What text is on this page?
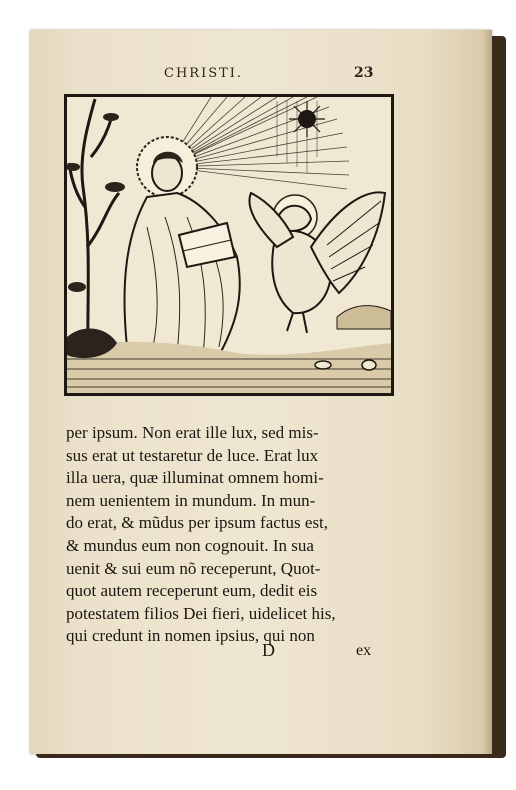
CHRISTI.	23
per ipsum. Non erat ille lux, sed mis-
sus erat ut testaretur de luce. Erat lux
illa uera, quæ illuminat omnem homi-
nem uenientem in mundum. In mun-
do erat, & mũdus per ipsum factus est,
& mundus eum non cognouit. In sua
uenit & sui eum nõ receperunt, Quot-
quot autem receperunt eum, dedit eis
potestatem filios Dei fieri, uidelicet his,
qui credunt in nomen ipsius, qui non
D	ex
